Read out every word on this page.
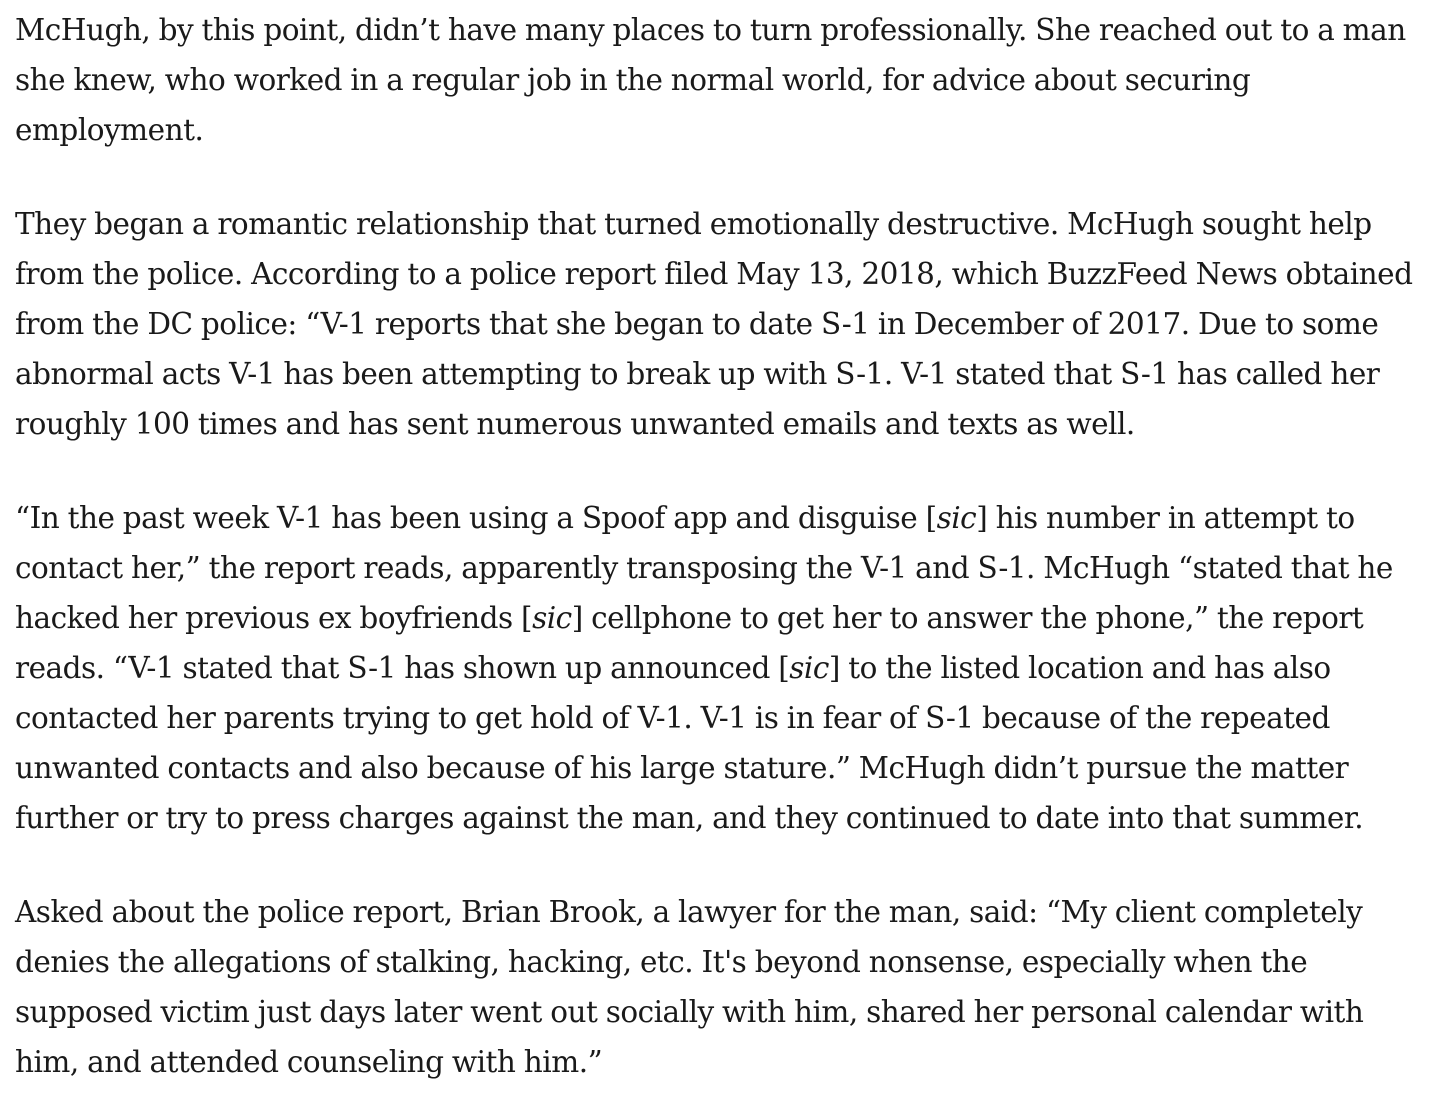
McHugh, by this point, didn’t have many places to turn professionally. She reached out to a man she knew, who worked in a regular job in the normal world, for advice about securing employment.

They began a romantic relationship that turned emotionally destructive. McHugh sought help from the police. According to a police report filed May 13, 2018, which BuzzFeed News obtained from the DC police: “V-1 reports that she began to date S-1 in December of 2017. Due to some abnormal acts V-1 has been attempting to break up with S-1. V-1 stated that S-1 has called her roughly 100 times and has sent numerous unwanted emails and texts as well.

“In the past week V-1 has been using a Spoof app and disguise [sic] his number in attempt to contact her,” the report reads, apparently transposing the V-1 and S-1. McHugh “stated that he hacked her previous ex boyfriends [sic] cellphone to get her to answer the phone,” the report reads. “V-1 stated that S-1 has shown up announced [sic] to the listed location and has also contacted her parents trying to get hold of V-1. V-1 is in fear of S-1 because of the repeated unwanted contacts and also because of his large stature.” McHugh didn’t pursue the matter further or try to press charges against the man, and they continued to date into that summer.

Asked about the police report, Brian Brook, a lawyer for the man, said: “My client completely denies the allegations of stalking, hacking, etc. It's beyond nonsense, especially when the supposed victim just days later went out socially with him, shared her personal calendar with him, and attended counseling with him.”
